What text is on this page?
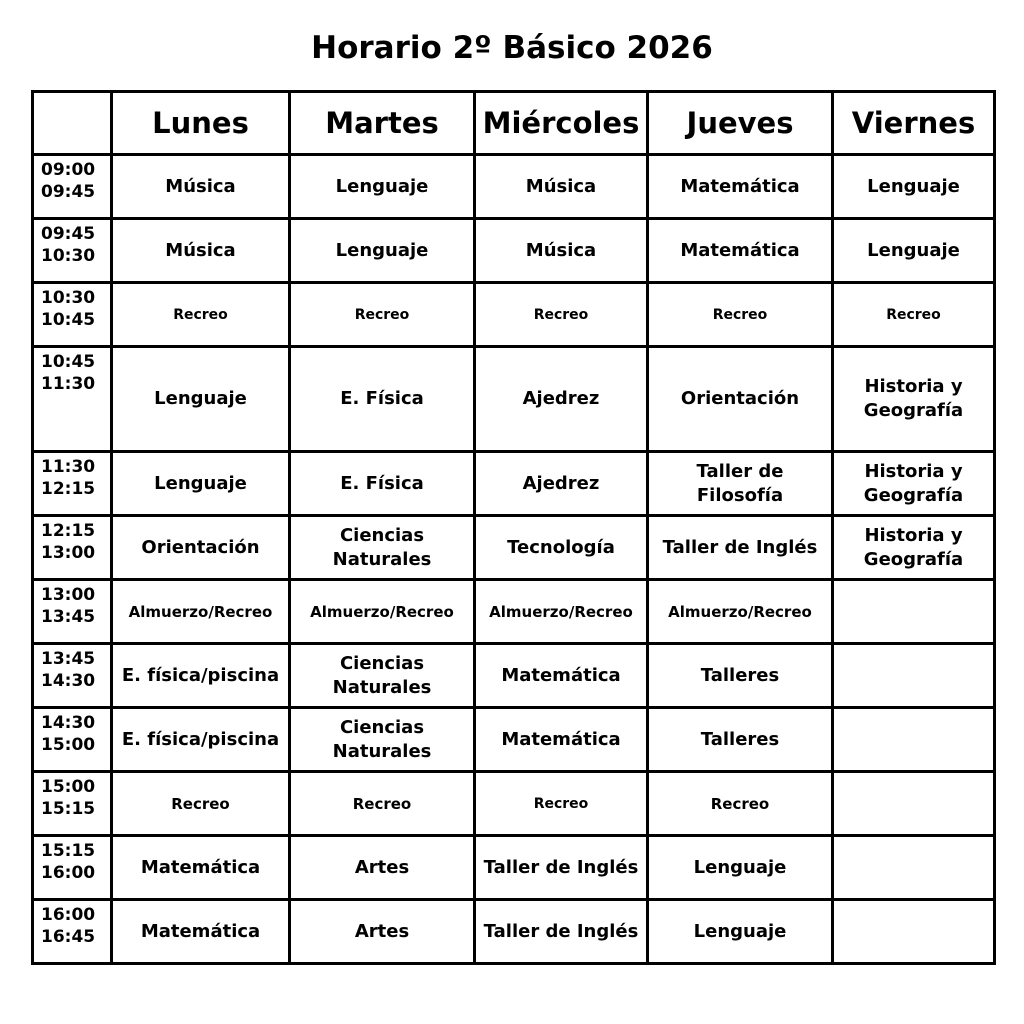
Horario 2º Básico 2026
	Lunes	Martes	Miércoles	Jueves	Viernes

09:00
09:45	Música	Lenguaje	Música	Matemática	Lenguaje

09:45
10:30	Música	Lenguaje	Música	Matemática	Lenguaje

10:30
10:45	Recreo	Recreo	Recreo	Recreo	Recreo

10:45
11:30	Lenguaje	E. Física	Ajedrez	Orientación	Historia y Geografía

11:30
12:15	Lenguaje	E. Física	Ajedrez	Taller de Filosofía	Historia y Geografía

12:15
13:00	Orientación	Ciencias Naturales	Tecnología	Taller de Inglés	Historia y Geografía

13:00
13:45	Almuerzo/Recreo	Almuerzo/Recreo	Almuerzo/Recreo	Almuerzo/Recreo	

13:45
14:30	E. física/piscina	Ciencias Naturales	Matemática	Talleres	

14:30
15:00	E. física/piscina	Ciencias Naturales	Matemática	Talleres	

15:00
15:15	Recreo	Recreo	Recreo	Recreo	

15:15
16:00	Matemática	Artes	Taller de Inglés	Lenguaje	

16:00
16:45	Matemática	Artes	Taller de Inglés	Lenguaje	
